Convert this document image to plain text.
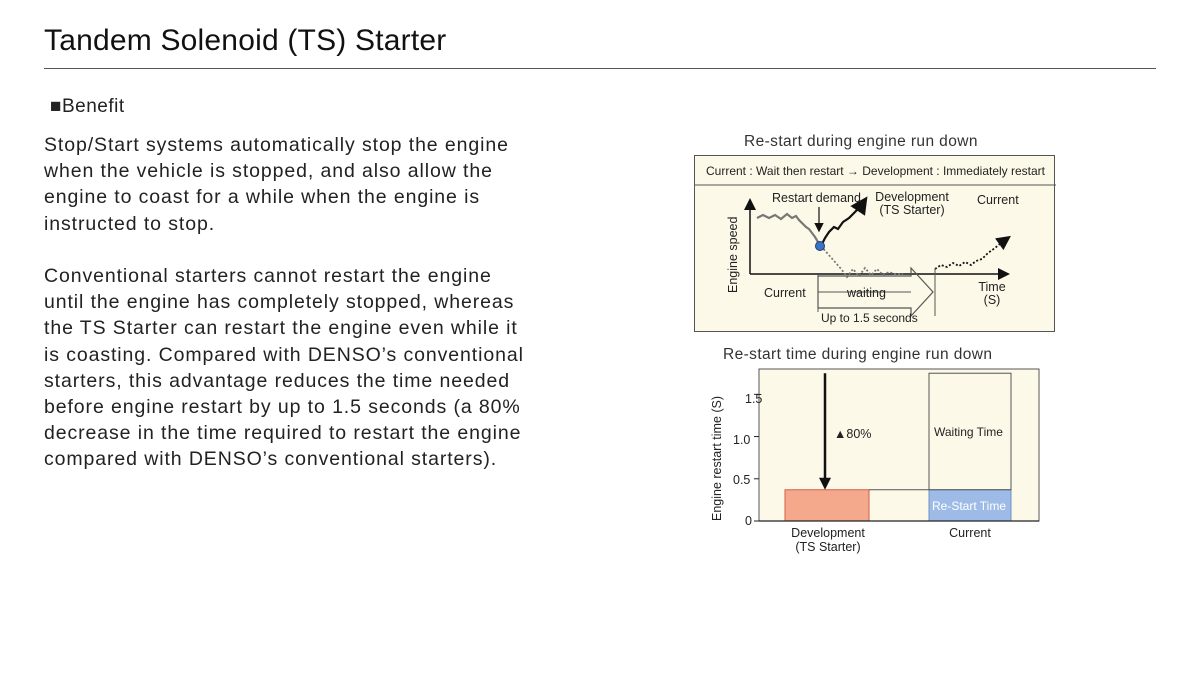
Tandem Solenoid (TS) Starter
■Benefit
Stop/Start systems automatically stop the engine
when the vehicle is stopped, and also allow the
engine to coast for a while when the engine is
instructed to stop.
Conventional starters cannot restart the engine
until the engine has completely stopped, whereas
the TS Starter can restart the engine even while it
is coasting. Compared with DENSO’s conventional
starters, this advantage reduces the time needed
before engine restart by up to 1.5 seconds (a 80%
decrease in the time required to restart the engine
compared with DENSO’s conventional starters).
Re-start during engine run down
Current : Wait then restart → Development : Immediately restart
Restart demand	Development
(TS Starter)
Current
Engine speed Current	waiting
Up to 1.5 seconds
Time
(S)
Re-start time during engine run down
Engine restart time (S) 1.5
1.0
0.5
0
▲80%	Waiting Time
Re-Start Time
Development
(TS Starter)
Current
